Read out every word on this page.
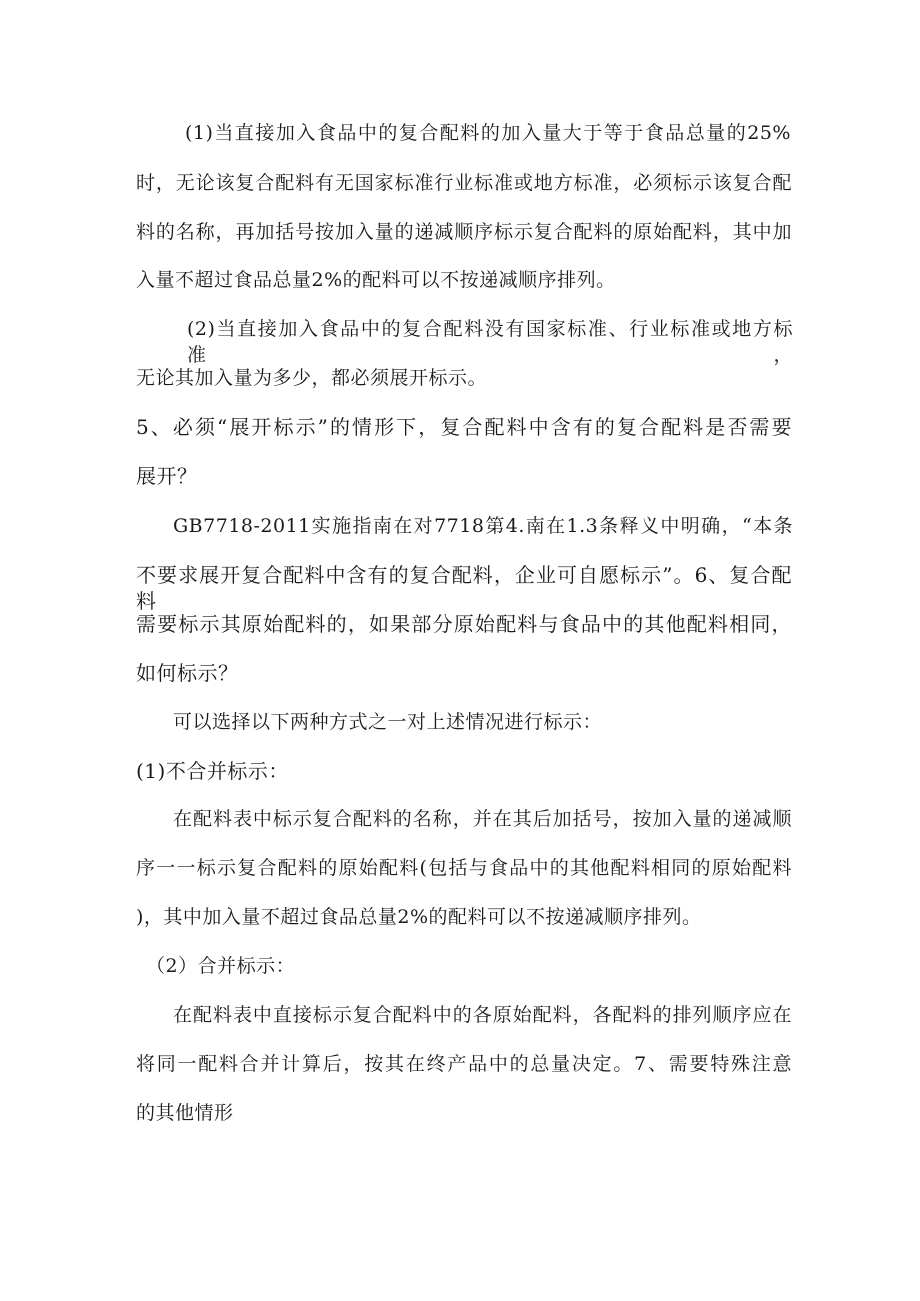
(1)当直接加入食品中的复合配料的加入量大于等于食品总量的25%
时，无论该复合配料有无国家标准行业标准或地方标准，必须标示该复合配
料的名称，再加括号按加入量的递减顺序标示复合配料的原始配料，其中加
入量不超过食品总量2%的配料可以不按递减顺序排列。
(2)当直接加入食品中的复合配料没有国家标准、行业标准或地方标准，
无论其加入量为多少，都必须展开标示。
5、必须“展开标示”的情形下，复合配料中含有的复合配料是否需要
展开？
GB7718-2011实施指南在对7718第4.南在1.3条释义中明确，“本条
不要求展开复合配料中含有的复合配料，企业可自愿标示”。6、复合配料
需要标示其原始配料的，如果部分原始配料与食品中的其他配料相同，
如何标示？
可以选择以下两种方式之一对上述情况进行标示：
(1)不合并标示：
在配料表中标示复合配料的名称，并在其后加括号，按加入量的递减顺
序一一标示复合配料的原始配料(包括与食品中的其他配料相同的原始配料
)，其中加入量不超过食品总量2%的配料可以不按递减顺序排列。
（2）合并标示：
在配料表中直接标示复合配料中的各原始配料，各配料的排列顺序应在
将同一配料合并计算后，按其在终产品中的总量决定。7、需要特殊注意
的其他情形
